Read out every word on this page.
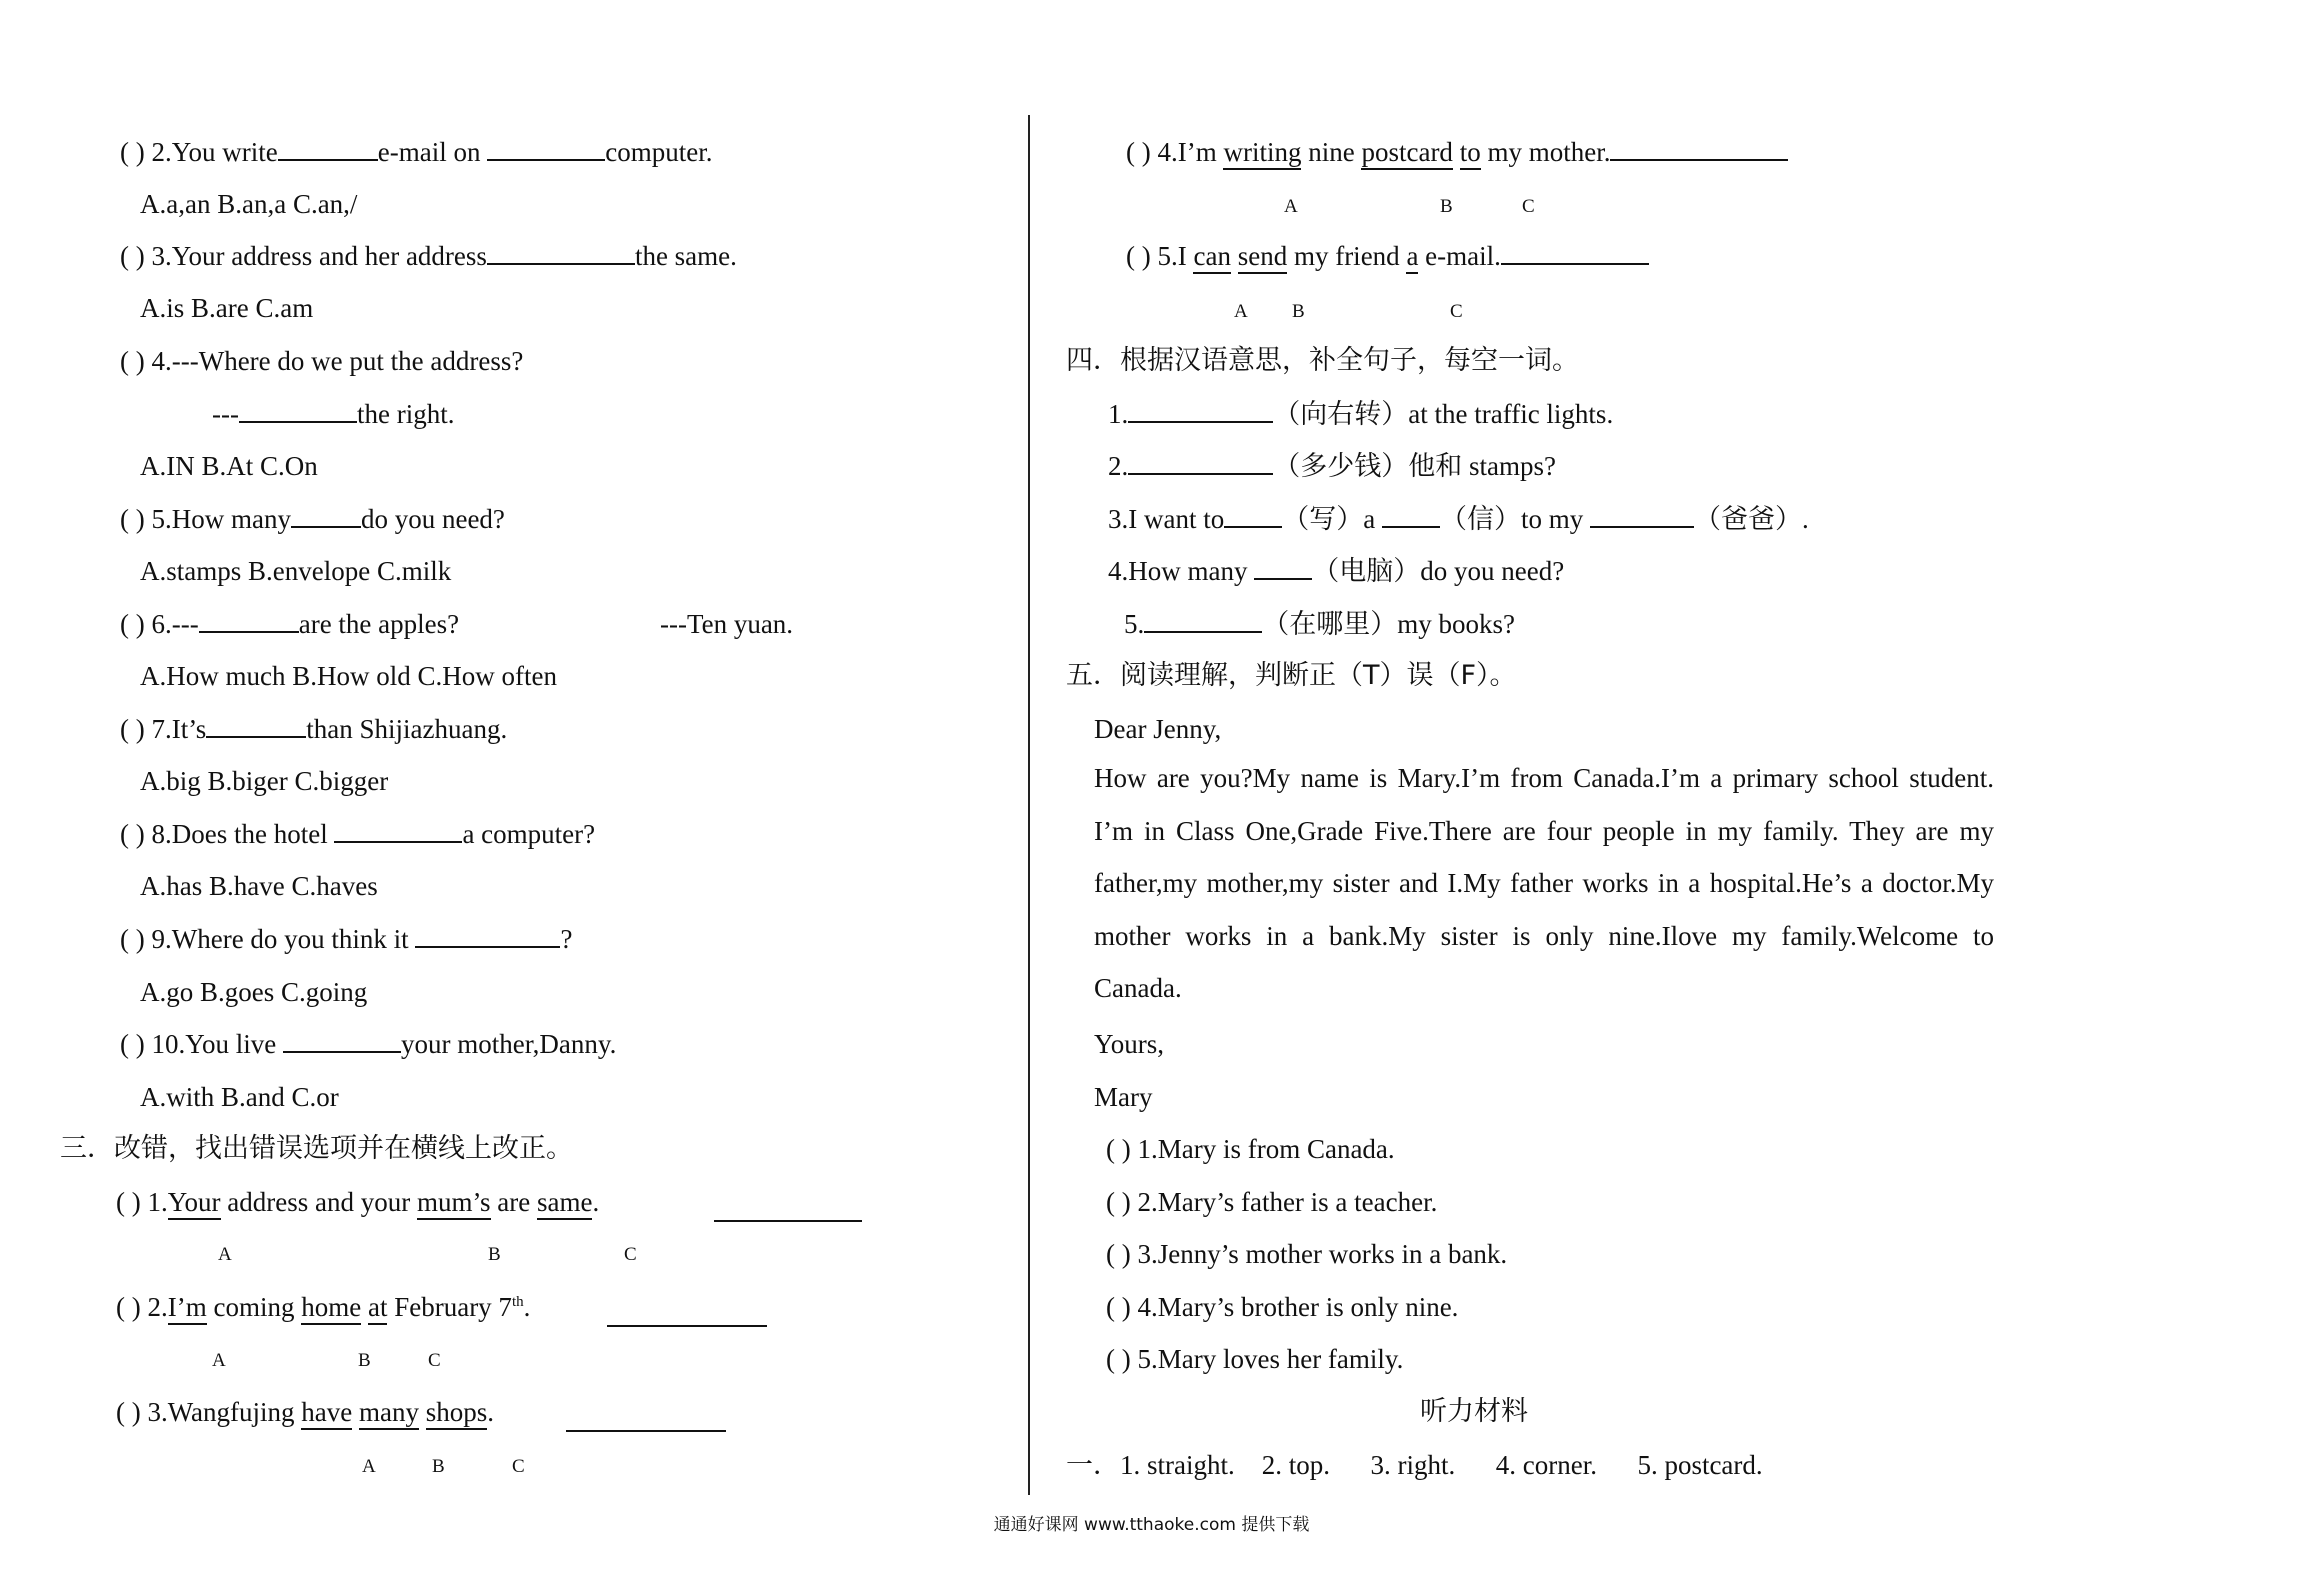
( ) 2.You write	e-mail on	computer.
A.a,an B.an,a C.an,/
( ) 3.Your address and her address	the same.
A.is B.are C.am
( ) 4.---Where do we put the address?
---	the right.
A.IN B.At C.On
( ) 5.How many	do you need?
A.stamps B.envelope C.milk
( ) 6.---	are the apples?	---Ten yuan.
A.How much B.How old C.How often
( ) 7.It’s	than Shijiazhuang.
A.big B.biger C.bigger
( ) 8.Does the hotel	a computer?
A.has B.have C.haves
( ) 9.Where do you think it	?
A.go B.goes C.going
( ) 10.You live	your mother,Danny.
A.with B.and C.or
三．改错，找出错误选项并在横线上改正。
( ) 1.Your address and your mum’s are same.
A	B	C
( ) 2.I’m coming home at February 7th.
A	B	C
( ) 3.Wangfujing have many shops.
A	B	C
( ) 4.I’m writing nine postcard to my mother.
A	B	C
( ) 5.I can send my friend a e-mail.
A B	C
四．根据汉语意思，补全句子，每空一词。
1.	（向右转）at the traffic lights.
2.	（多少钱）他和 stamps?
3.I want to （写）a （信）to my	（爸爸）.
4.How many （电脑）do you need?
5.	（在哪里）my books?
五．阅读理解，判断正（T）误（F）。
Dear Jenny,
How are you?My name is Mary.I’m from Canada.I’m a primary school student. I’m in Class One,Grade Five.There are four people in my family. They are my father,my mother,my sister and I.My father works in a hospital.He’s a doctor.My mother works in a bank.My sister is only nine.Ilove my family.Welcome to Canada.
Yours,
Mary
( ) 1.Mary is from Canada.
( ) 2.Mary’s father is a teacher.
( ) 3.Jenny’s mother works in a bank.
( ) 4.Mary’s brother is only nine.
( ) 5.Mary loves her family.
听力材料
一．1. straight.    2. top.      3. right.      4. corner.      5. postcard.
通通好课网 www.tthaoke.com 提供下载
